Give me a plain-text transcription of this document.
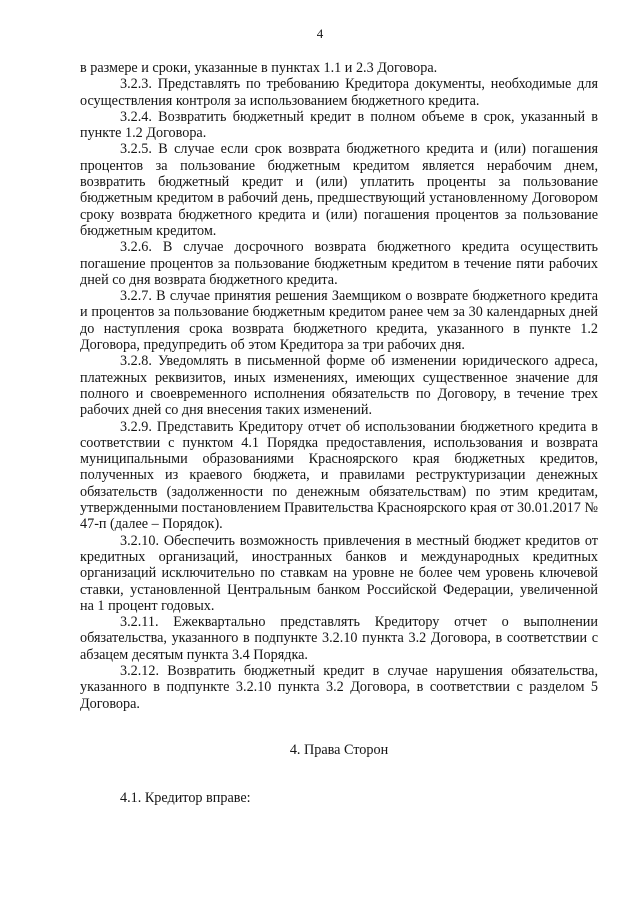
4

в размере и сроки, указанные в пунктах 1.1 и 2.3 Договора.

3.2.3. Представлять по требованию Кредитора документы, необходимые для осуществления контроля за использованием бюджетного кредита.

3.2.4. Возвратить бюджетный кредит в полном объеме в срок, указанный в пункте 1.2 Договора.

3.2.5. В случае если срок возврата бюджетного кредита и (или) погашения процентов за пользование бюджетным кредитом является нерабочим днем, возвратить бюджетный кредит и (или) уплатить проценты за пользование бюджетным кредитом в рабочий день, предшествующий установленному Договором сроку возврата бюджетного кредита и (или) погашения процентов за пользование бюджетным кредитом.

3.2.6. В случае досрочного возврата бюджетного кредита осуществить погашение процентов за пользование бюджетным кредитом в течение пяти рабочих дней со дня возврата бюджетного кредита.

3.2.7. В случае принятия решения Заемщиком о возврате бюджетного кредита и процентов за пользование бюджетным кредитом ранее чем за 30 календарных дней до наступления срока возврата бюджетного кредита, указанного в пункте 1.2 Договора, предупредить об этом Кредитора за три рабочих дня.

3.2.8. Уведомлять в письменной форме об изменении юридического адреса, платежных реквизитов, иных изменениях, имеющих существенное значение для полного и своевременного исполнения обязательств по Договору, в течение трех рабочих дней со дня внесения таких изменений.

3.2.9. Представить Кредитору отчет об использовании бюджетного кредита в соответствии с пунктом 4.1 Порядка предоставления, использования и возврата муниципальными образованиями Красноярского края бюджетных кредитов, полученных из краевого бюджета, и правилами реструктуризации денежных обязательств (задолженности по денежным обязательствам) по этим кредитам, утвержденными постановлением Правительства Красноярского края от 30.01.2017 № 47-п (далее – Порядок).

3.2.10. Обеспечить возможность привлечения в местный бюджет кредитов от кредитных организаций, иностранных банков и международных кредитных организаций исключительно по ставкам на уровне не более чем уровень ключевой ставки, установленной Центральным банком Российской Федерации, увеличенной на 1 процент годовых.

3.2.11. Ежеквартально представлять Кредитору отчет о выполнении обязательства, указанного в подпункте 3.2.10 пункта 3.2 Договора, в соответствии с абзацем десятым пункта 3.4 Порядка.

3.2.12. Возвратить бюджетный кредит в случае нарушения обязательства, указанного в подпункте 3.2.10 пункта 3.2 Договора, в соответствии с разделом 5 Договора.

4. Права Сторон

4.1. Кредитор вправе:
